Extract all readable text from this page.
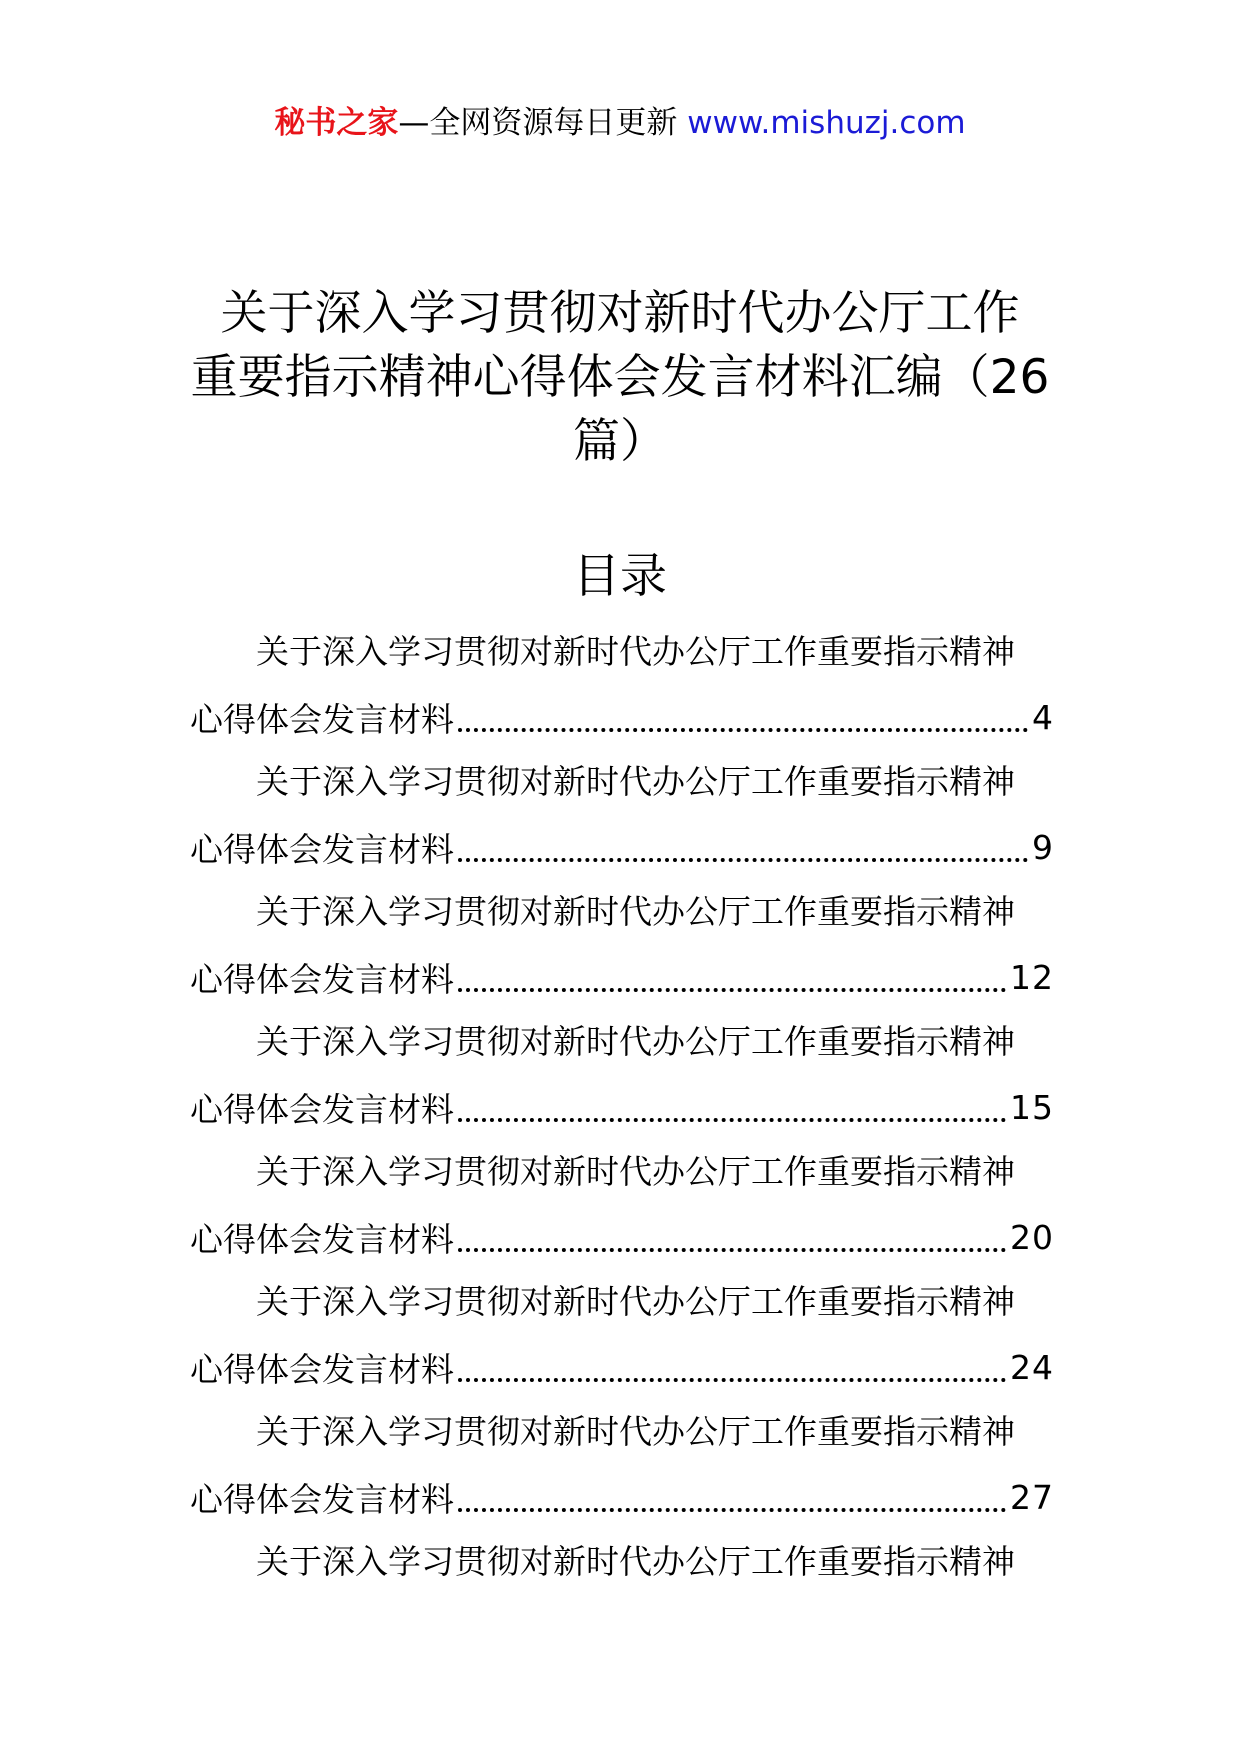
秘书之家—全网资源每日更新 www.mishuzj.com
关于深入学习贯彻对新时代办公厅工作
重要指示精神心得体会发言材料汇编（26
篇）
目录
关于深入学习贯彻对新时代办公厅工作重要指示精神
心得体会发言材料	4
关于深入学习贯彻对新时代办公厅工作重要指示精神
心得体会发言材料	9
关于深入学习贯彻对新时代办公厅工作重要指示精神
心得体会发言材料	12
关于深入学习贯彻对新时代办公厅工作重要指示精神
心得体会发言材料	15
关于深入学习贯彻对新时代办公厅工作重要指示精神
心得体会发言材料	20
关于深入学习贯彻对新时代办公厅工作重要指示精神
心得体会发言材料	24
关于深入学习贯彻对新时代办公厅工作重要指示精神
心得体会发言材料	27
关于深入学习贯彻对新时代办公厅工作重要指示精神
